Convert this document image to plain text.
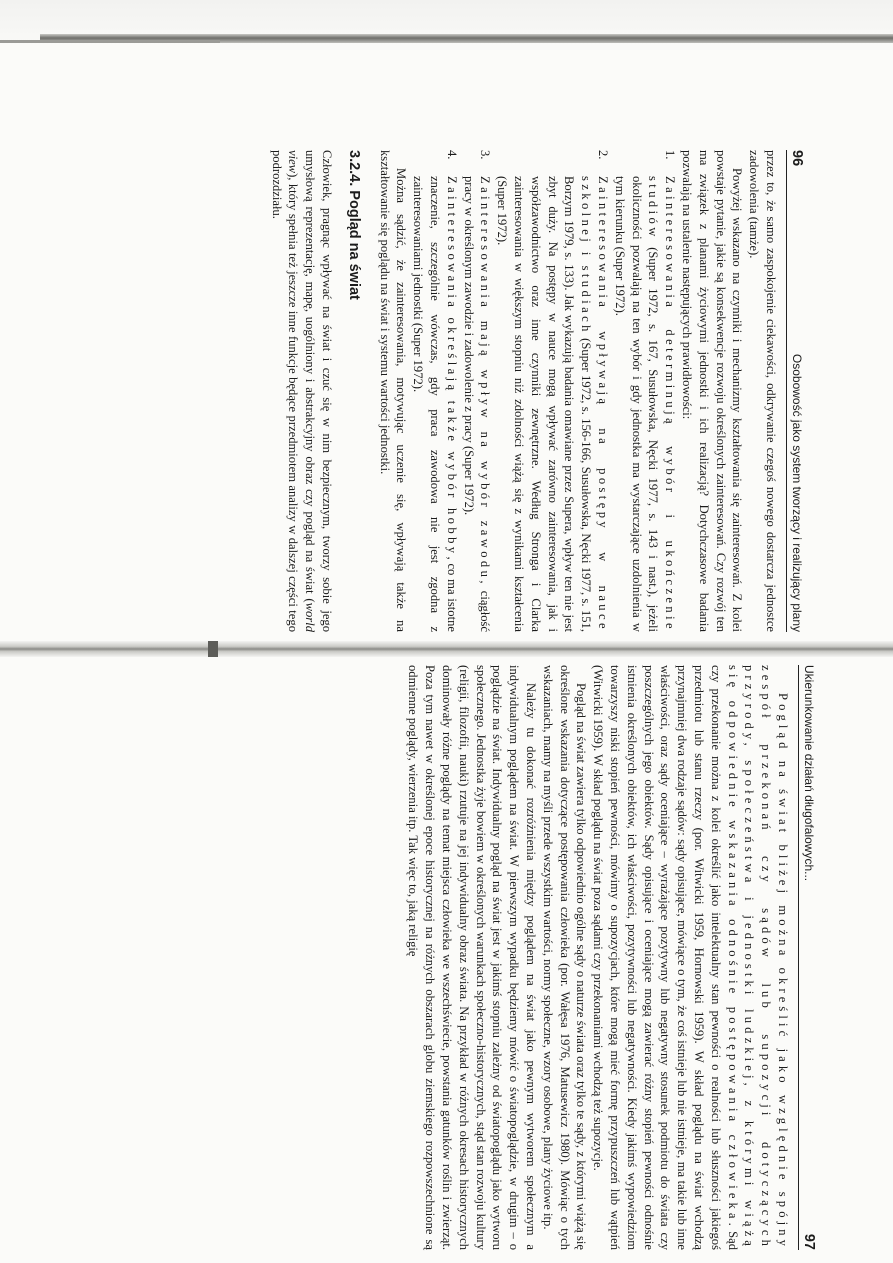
96
Osobowość jako system tworzący i realizujący plany

przez to, że samo zaspokojenie ciekawości, odkrywanie czegoś nowego dostarcza jednostce zadowolenia (tamże).

Powyżej wskazano na czynniki i mechanizmy kształtowania się zainteresowań. Z kolei powstaje pytanie, jakie są konsekwencje rozwoju określonych zainteresowań. Czy rozwój ten ma związek z planami życiowymi jednostki i ich realizacją? Dotychczasowe badania pozwalają na ustalenie następujących prawidłowości:

1.
Zainteresowania determinują wybór i ukończenie studiów (Super 1972, s. 167, Susułowska, Nęcki 1977, s. 143 i nast.), jeżeli okoliczności pozwalają na ten wybór i gdy jednostka ma wystarczające uzdolnienia w tym kierunku (Super 1972).
2.
Zainteresowania wpływają na postępy w nauce szkolnej i studiach (Super 1972, s. 156-166, Susułowska, Nęcki 1977, s. 151, Borzym 1979, s. 133). Jak wykazują badania omawiane przez Supera, wpływ ten nie jest zbyt duży. Na postępy w nauce mogą wpływać zarówno zainteresowania, jak i współzawodnictwo oraz inne czynniki zewnętrzne. Według Stronga i Clarka zainteresowania w większym stopniu niż zdolności wiążą się z wynikami kształcenia (Super 1972).
3.
Zainteresowania mają wpływ na wybór zawodu, ciągłość pracy w określonym zawodzie i zadowolenie z pracy (Super 1972).
4.
Zainteresowania określają także wybór hobby, co ma istotne znaczenie, szczególnie wówczas, gdy praca zawodowa nie jest zgodna z zainteresowaniami jednostki (Super 1972).

Można sądzić, że zainteresowania, motywując uczenie się, wpływają także na kształtowanie się poglądu na świat i systemu wartości jednostki.

3.2.4. Pogląd na świat

Człowiek, pragnąc wpływać na świat i czuć się w nim bezpiecznym, tworzy sobie jego umysłową reprezentację, mapę, uogólniony i abstrakcyjny obraz czy pogląd na świat (world view), który spełnia też jeszcze inne funkcje będące przedmiotem analizy w dalszej części tego podrozdziału.

Ukierunkowanie działań długofalowych...
97

Pogląd na świat bliżej można określić jako względnie spójny zespół przekonań czy sądów lub supozycji dotyczących przyrody, społeczeństwa i jednostki ludzkiej, z którymi wiążą się odpowiednie wskazania odnośnie postępowania człowieka. Sąd czy przekonanie można z kolei określić jako intelektualny stan pewności o realności lub słuszności jakiegoś przedmiotu lub stanu rzeczy (por. Witwicki 1959, Hornowski 1959). W skład poglądu na świat wchodzą przynajmniej dwa rodzaje sądów: sądy opisujące, mówiące o tym, że coś istnieje lub nie istnieje, ma takie lub inne właściwości, oraz sądy oceniające – wyrażające pozytywny lub negatywny stosunek podmiotu do świata czy poszczególnych jego obiektów. Sądy opisujące i oceniające mogą zawierać różny stopień pewności odnośnie istnienia określonych obiektów, ich właściwości, pozytywności lub negatywności. Kiedy jakimś wypowiedziom towarzyszy niski stopień pewności, mówimy o supozycjach, które mogą mieć formę przypuszczeń lub wątpień (Witwicki 1959). W skład poglądu na świat poza sądami czy przekonaniami wchodzą też supozycje.

Pogląd na świat zawiera tylko odpowiednio ogólne sądy o naturze świata oraz tylko te sądy, z którymi wiążą się określone wskazania dotyczące postępowania człowieka (por. Wałęsa 1976, Matusewicz 1980). Mówiąc o tych wskazaniach, mamy na myśli przede wszystkim wartości, normy społeczne, wzory osobowe, plany życiowe itp.

Należy tu dokonać rozróżnienia między poglądem na świat jako pewnym wytworem społecznym a indywidualnym poglądem na świat. W pierwszym wypadku będziemy mówić o światopoglądzie, w drugim – o poglądzie na świat. Indywidualny pogląd na świat jest w jakimś stopniu zależny od światopoglądu jako wytworu społecznego. Jednostka żyje bowiem w określonych warunkach społeczno-historycznych, stąd stan rozwoju kultury (religii, filozofii, nauki) rzutuje na jej indywidualny obraz świata. Na przykład w różnych okresach historycznych dominowały różne poglądy na temat miejsca człowieka we wszechświecie, powstania gatunków roślin i zwierząt. Poza tym nawet w określonej epoce historycznej na różnych obszarach globu ziemskiego rozpowszechnione są odmienne poglądy, wierzenia itp. Tak więc to, jaką religię
